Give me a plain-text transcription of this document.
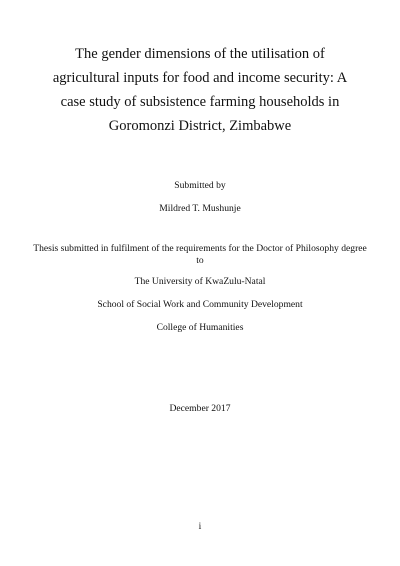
The gender dimensions of the utilisation of agricultural inputs for food and income security: A case study of subsistence farming households in Goromonzi District, Zimbabwe

Submitted by

Mildred T. Mushunje

Thesis submitted in fulfilment of the requirements for the Doctor of Philosophy degree to

The University of KwaZulu-Natal

School of Social Work and Community Development

College of Humanities

December 2017

i
